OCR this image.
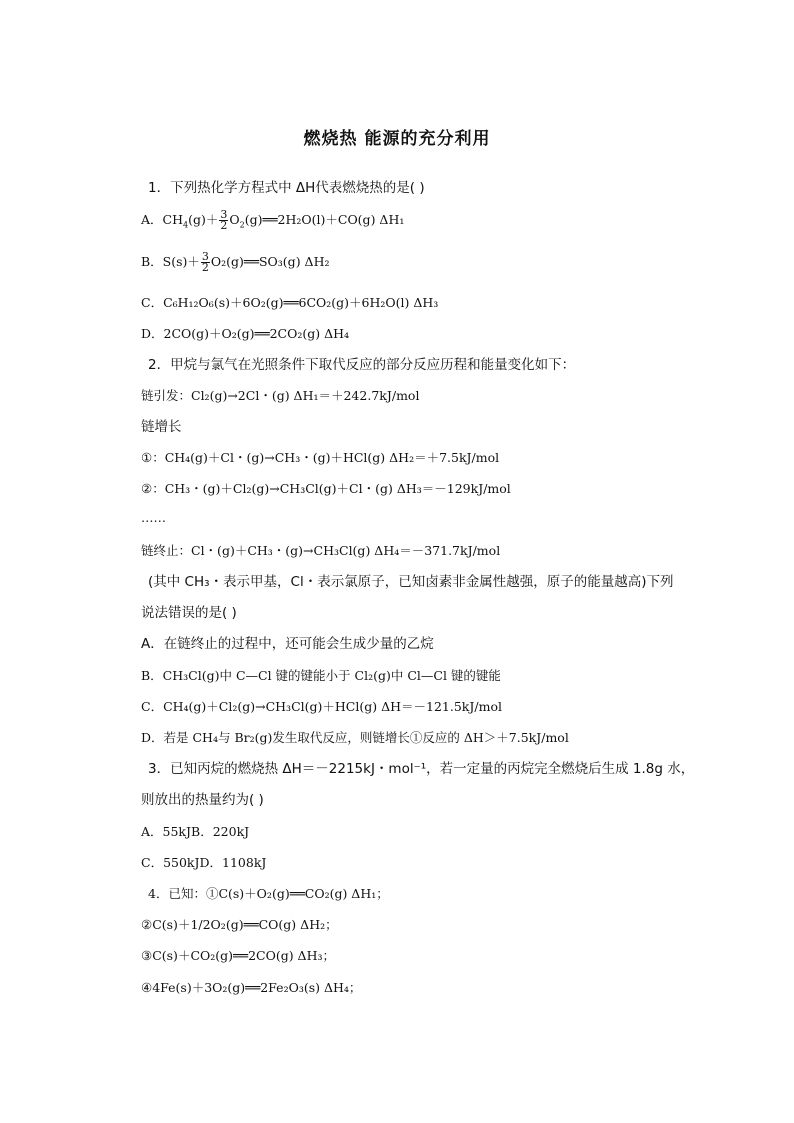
燃烧热 能源的充分利用
1．下列热化学方程式中 ΔH代表燃烧热的是( )
A．$CH_4(g)+ \frac{3}{2}$ $O_2(g)══2H_2O(l)+CO(g)$ ΔH₁
B．$S(s)+ \frac{3}{2}$ O₂(g)══SO₃(g) ΔH₂
C．C₆H₁₂O₆(s)＋6O₂(g)══6CO₂(g)＋6H₂O(l) ΔH₃
D．2CO(g)＋O₂(g)══2CO₂(g) ΔH₄
2．甲烷与氯气在光照条件下取代反应的部分反应历程和能量变化如下：
链引发：Cl₂(g)→2Cl・(g) ΔH₁＝＋242.7kJ/mol
链增长
①：CH₄(g)＋Cl・(g)→CH₃・(g)＋HCl(g) ΔH₂＝＋7.5kJ/mol
②：CH₃・(g)＋Cl₂(g)→CH₃Cl(g)＋Cl・(g) ΔH₃＝－129kJ/mol
……
链终止：Cl・(g)＋CH₃・(g)→CH₃Cl(g) ΔH₄＝－371.7kJ/mol
(其中 CH₃・表示甲基，Cl・表示氯原子，已知卤素非金属性越强，原子的能量越高)下列
说法错误的是( )
A．在链终止的过程中，还可能会生成少量的乙烷
B．CH₃Cl(g)中 C—Cl 键的键能小于 Cl₂(g)中 Cl—Cl 键的键能
C．CH₄(g)＋Cl₂(g)→CH₃Cl(g)＋HCl(g) ΔH＝－121.5kJ/mol
D．若是 CH₄与 Br₂(g)发生取代反应，则链增长①反应的 ΔH＞＋7.5kJ/mol
3．已知丙烷的燃烧热 ΔH＝－2215kJ・mol⁻¹，若一定量的丙烷完全燃烧后生成 1.8g 水，
则放出的热量约为( )
A．55kJB．220kJ
C．550kJD．1108kJ
4．已知：①C(s)＋O₂(g)══CO₂(g) ΔH₁；
②C(s)＋1/2O₂(g)══CO(g) ΔH₂；
③C(s)＋CO₂(g)══2CO(g) ΔH₃；
④4Fe(s)＋3O₂(g)══2Fe₂O₃(s) ΔH₄；
